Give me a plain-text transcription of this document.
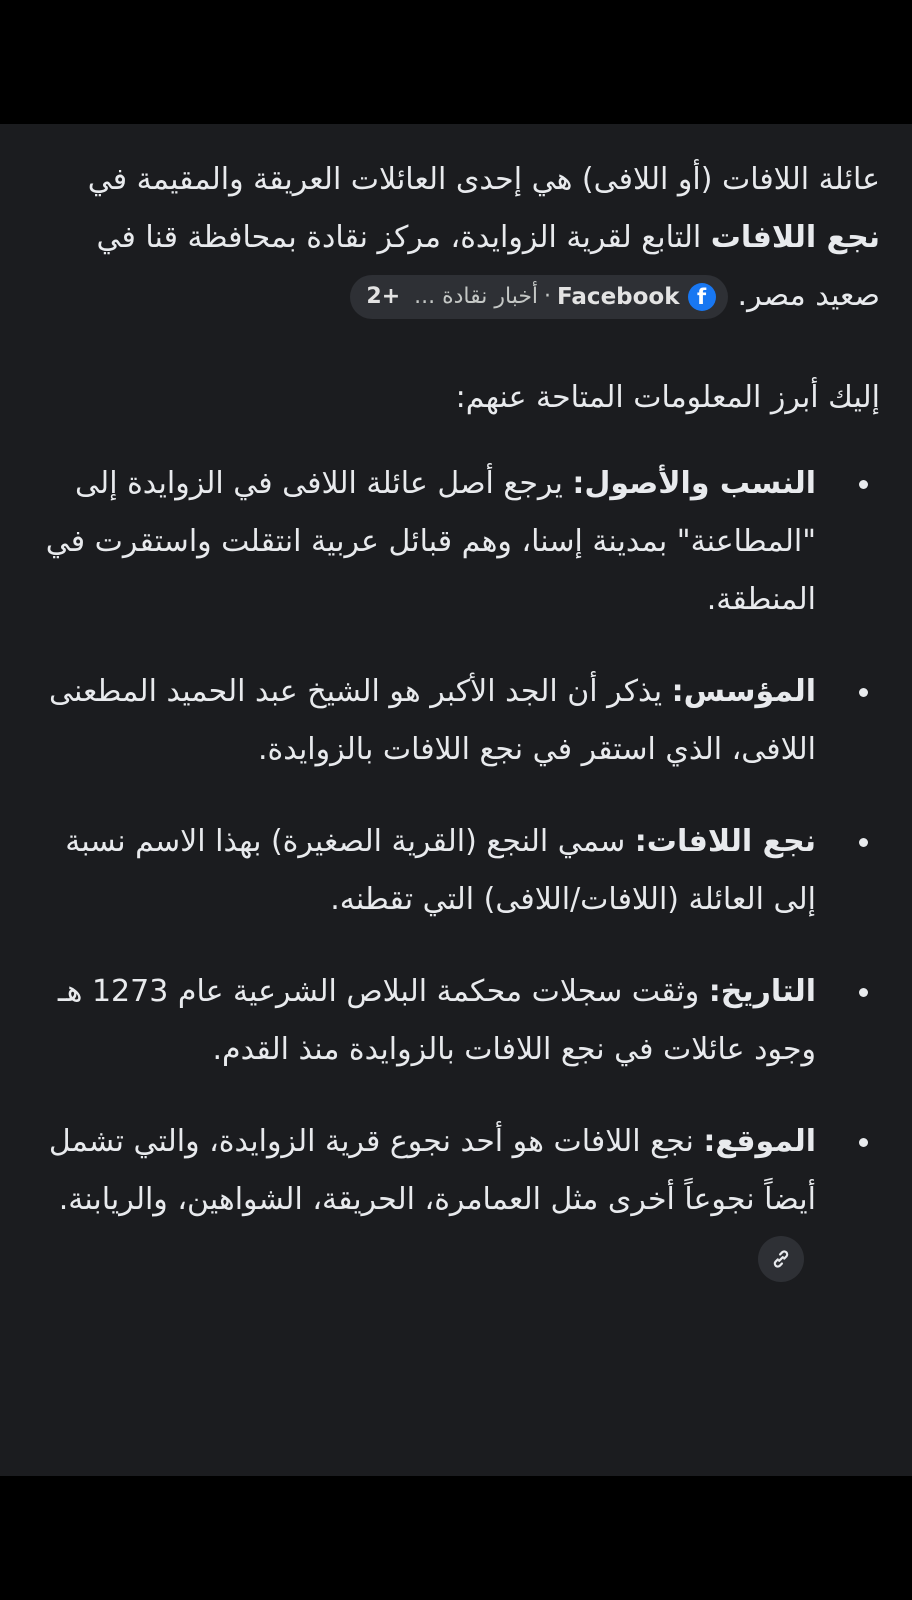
عائلة اللافات (أو اللافى) هي إحدى العائلات العريقة والمقيمة في نجع اللافات التابع لقرية الزوايدة، مركز نقادة بمحافظة قنا في صعيد مصر.
f
Facebook
·
أخبار نقادة ...
+2

إليك أبرز المعلومات المتاحة عنهم:

النسب والأصول: يرجع أصل عائلة اللافى في الزوايدة إلى "المطاعنة" بمدينة إسنا، وهم قبائل عربية انتقلت واستقرت في المنطقة.
المؤسس: يذكر أن الجد الأكبر هو الشيخ عبد الحميد المطعنى اللافى، الذي استقر في نجع اللافات بالزوايدة.
نجع اللافات: سمي النجع (القرية الصغيرة) بهذا الاسم نسبة إلى العائلة (اللافات/اللافى) التي تقطنه.
التاريخ: وثقت سجلات محكمة البلاص الشرعية عام 1273 هـ وجود عائلات في نجع اللافات بالزوايدة منذ القدم.
الموقع: نجع اللافات هو أحد نجوع قرية الزوايدة، والتي تشمل أيضاً نجوعاً أخرى مثل العمامرة، الحريقة، الشواهين، والريابنة.
